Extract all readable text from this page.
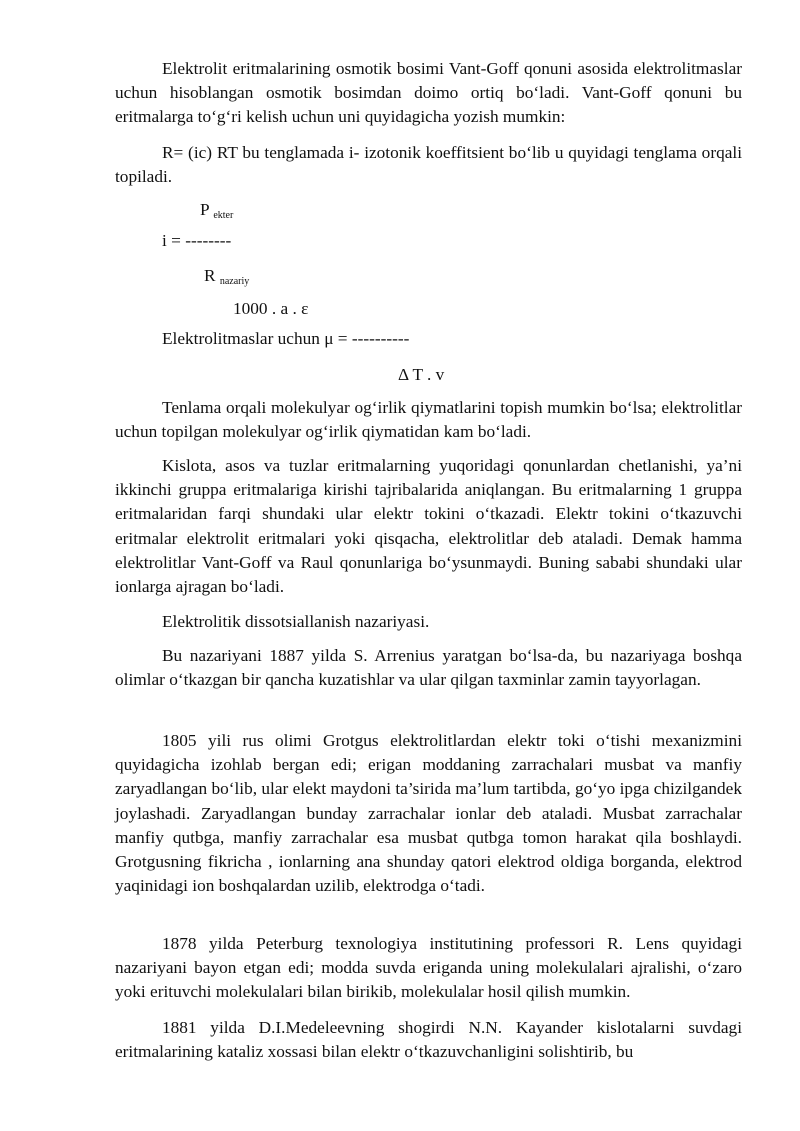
Elektrolit eritmalarining osmotik bosimi Vant-Goff qonuni asosida elektrolitmaslar uchun hisoblangan osmotik bosimdan doimo ortiq bo‘ladi. Vant-Goff qonuni bu eritmalarga to‘g‘ri kelish uchun uni quyidagicha yozish mumkin:

R= (ic) RT bu tenglamada i- izotonik koeffitsient bo‘lib u quyidagi tenglama orqali topiladi.

P $_{ekter}$
i = --------
R $_{nazariy}$
1000 . a . ε
Elektrolitmaslar uchun μ = ----------
Δ T . v

Tenlama orqali molekulyar og‘irlik qiymatlarini topish mumkin bo‘lsa; elektrolitlar uchun topilgan molekulyar og‘irlik qiymatidan kam bo‘ladi.

Kislota, asos va tuzlar eritmalarning yuqoridagi qonunlardan chetlanishi, ya’ni ikkinchi gruppa eritmalariga kirishi tajribalarida aniqlangan. Bu eritmalarning 1 gruppa eritmalaridan farqi shundaki ular elektr tokini o‘tkazadi. Elektr tokini o‘tkazuvchi eritmalar elektrolit eritmalari yoki qisqacha, elektrolitlar deb ataladi. Demak hamma elektrolitlar Vant-Goff va Raul qonunlariga bo‘ysunmaydi. Buning sababi shundaki ular ionlarga ajragan bo‘ladi.

Elektrolitik dissotsiallanish nazariyasi.

Bu nazariyani 1887 yilda S. Arrenius yaratgan bo‘lsa-da, bu nazariyaga boshqa olimlar o‘tkazgan bir qancha kuzatishlar va ular qilgan taxminlar zamin tayyorlagan.

1805 yili rus olimi Grotgus elektrolitlardan elektr toki o‘tishi mexanizmini quyidagicha izohlab bergan edi; erigan moddaning zarrachalari musbat va manfiy zaryadlangan bo‘lib, ular elekt maydoni ta’sirida ma’lum tartibda, go‘yo ipga chizilgandek joylashadi. Zaryadlangan bunday zarrachalar ionlar deb ataladi. Musbat zarrachalar manfiy qutbga, manfiy zarrachalar esa musbat qutbga tomon harakat qila boshlaydi. Grotgusning fikricha , ionlarning ana shunday qatori elektrod oldiga borganda, elektrod yaqinidagi ion boshqalardan uzilib, elektrodga o‘tadi.

1878 yilda Peterburg texnologiya institutining professori R. Lens quyidagi nazariyani bayon etgan edi; modda suvda eriganda uning molekulalari ajralishi, o‘zaro yoki erituvchi molekulalari bilan birikib, molekulalar hosil qilish mumkin.

1881 yilda D.I.Medeleevning shogirdi N.N. Kayander kislotalarni suvdagi eritmalarining kataliz xossasi bilan elektr o‘tkazuvchanligini solishtirib, bu
